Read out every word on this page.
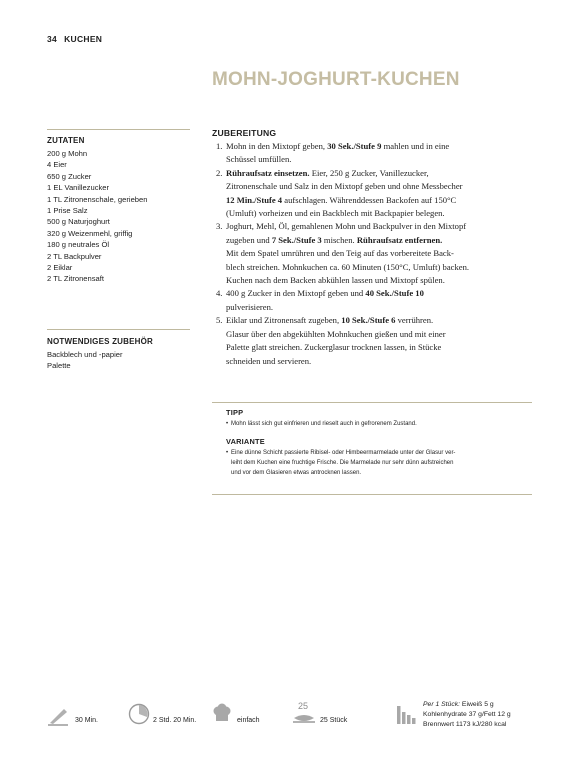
34 KUCHEN
MOHN-JOGHURT-KUCHEN
ZUTATEN
200 g Mohn
4 Eier
650 g Zucker
1 EL Vanillezucker
1 TL Zitronenschale, gerieben
1 Prise Salz
500 g Naturjoghurt
320 g Weizenmehl, griffig
180 g neutrales Öl
2 TL Backpulver
2 Eiklar
2 TL Zitronensaft
NOTWENDIGES ZUBEHÖR
Backblech und -papier
Palette
ZUBEREITUNG
1. Mohn in den Mixtopf geben, 30 Sek./Stufe 9 mahlen und in eine
Schüssel umfüllen.
2. Rühraufsatz einsetzen. Eier, 250 g Zucker, Vanillezucker,
Zitronenschale und Salz in den Mixtopf geben und ohne Messbecher
12 Min./Stufe 4 aufschlagen. Währenddessen Backofen auf 150°C
(Umluft) vorheizen und ein Backblech mit Backpapier belegen.
3. Joghurt, Mehl, Öl, gemahlenen Mohn und Backpulver in den Mixtopf
zugeben und 7 Sek./Stufe 3 mischen. Rühraufsatz entfernen.
Mit dem Spatel umrühren und den Teig auf das vorbereitete Back-
blech streichen. Mohnkuchen ca. 60 Minuten (150°C, Umluft) backen.
Kuchen nach dem Backen abkühlen lassen und Mixtopf spülen.
4. 400 g Zucker in den Mixtopf geben und 40 Sek./Stufe 10
pulverisieren.
5. Eiklar und Zitronensaft zugeben, 10 Sek./Stufe 6 verrühren.
Glasur über den abgekühlten Mohnkuchen gießen und mit einer
Palette glatt streichen. Zuckerglasur trocknen lassen, in Stücke
schneiden und servieren.
TIPP
• Mohn lässt sich gut einfrieren und rieselt auch in gefrorenem Zustand.
VARIANTE
• Eine dünne Schicht passierte Ribisel- oder Himbeermarmelade unter der Glasur ver-
leiht dem Kuchen eine fruchtige Frische. Die Marmelade nur sehr dünn aufstreichen
und vor dem Glasieren etwas antrocknen lassen.
30 Min.	2 Std. 20 Min.	einfach
25
25 Stück
Per 1 Stück: Eiweiß 5 g
Kohlenhydrate 37 g/Fett 12 g
Brennwert 1173 kJ/280 kcal
